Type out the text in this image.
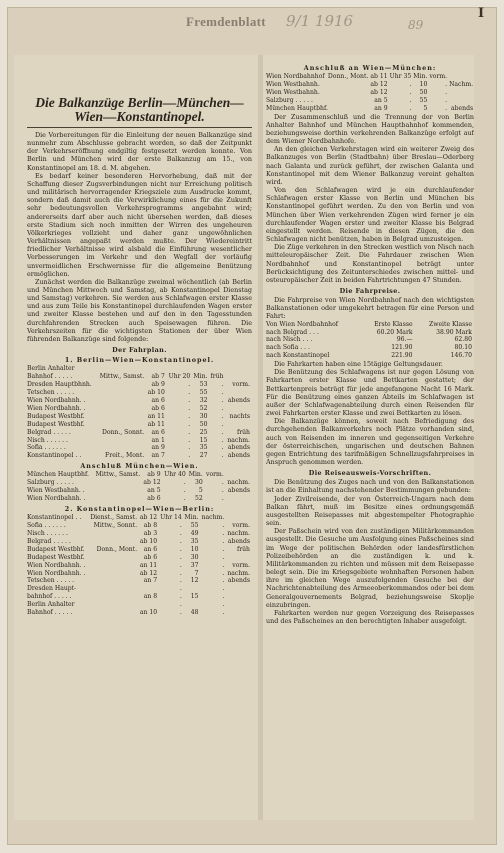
Fremdenblatt 9/1 1916	89
I
Die Balkanzüge Berlin—München—Wien—Konstantinopel.

Die Vorbereitungen für die Einleitung der neuen Balkanzüge sind nunmehr zum Abschlusse gebracht worden, so daß der Zeitpunkt der Verkehrseröffnung endgiltig festgesetzt werden konnte. Von Berlin und München wird der erste Balkanzug am 15., von Konstantinopel am 18. d. M. abgehen.

Es bedarf keiner besonderen Hervorhebung, daß mit der Schaffung dieser Zugsverbindungen nicht nur Erreichung politisch und militärisch hervorragender Kriegsziele zum Ausdrucke kommt, sondern daß damit auch die Verwirklichung eines für die Zukunft sehr bedeutungsvollen Verkehrsprogramms angebahnt wird; andererseits darf aber auch nicht übersehen werden, daß dieses erste Stadium sich noch inmitten der Wirren des ungeheuren Völkerkrieges vollzieht und daher ganz ungewöhnlichen Verhältnissen angepaßt werden mußte. Der Wiedereintritt friedlicher Verhältnisse wird alsbald die Einführung wesentlicher Verbesserungen im Verkehr und den Wegfall der vorläufig unvermeidlichen Erschwernisse für die allgemeine Benützung ermöglichen.

Zunächst werden die Balkanzüge zweimal wöchentlich (ab Berlin und München Mittwoch und Samstag, ab Konstantinopel Dienstag und Samstag) verkehren. Sie werden aus Schlafwagen erster Klasse und aus zum Teile bis Konstantinopel durchlaufenden Wagen erster und zweiter Klasse bestehen und auf den in den Tagesstunden durchfahrenden Strecken auch Speisewagen führen. Die Verkehrszeiten für die wichtigsten Stationen der über Wien führenden Balkanzüge sind folgende:

Der Fahrplan.
1. Berlin—Wien—Konstantinopel.
Berlin Anhalter						
Bahnhof . . . . .	Mittw., Samst.	ab 7	Uhr 20	Min.	früh	
Dresden Hauptbhnh.		ab 9	.	53	.	vorm.
Tetschen . . . . .		ab 10	.	55	.	
Wien Nordbahnh. .		an 6	.	32	.	abends
Wien Nordbahnh. .		ab 6	.	52	.	
Budapest Westbhf.		an 11	.	30	.	nachts
Budapest Westbhf.		ab 11	.	50	.	
Belgrad . . . . .	Donn., Sonnt.	an 6	.	25	.	früh
Nisch . . . . . .		an 1	.	15	.	nachm.
Sofia . . . . . .		an 9	.	35	.	abends
Konstantinopel . .	Freit., Mont.	an 7	.	27	.	abends
Anschluß München—Wien.
München Hauptbhf.	Mittw., Samst.	ab 9	Uhr 40	Min.	vorm.	
Salzburg . . . . .		ab 12	.	30	.	nachm.
Wien Westbahnh. .		an 5	.	5	.	abends
Wien Nordbahnh. .		ab 6	.	52	.	
2. Konstantinopel—Wien—Berlin:
Konstantinopel . .	Dienst., Samst.	ab 12	Uhr 14	Min.	nachm.	
Sofia . . . . . .	Mittw., Sonnt.	ab 8	.	55	.	vorm.
Nisch . . . . . .		ab 3	.	49	.	nachm.
Belgrad . . . . .		ab 10	.	35	.	abends
Budapest Westbhf.	Donn., Mont.	an 6	.	10	.	früh
Budapest Westbhf.		ab 6	.	30	.	
Wien Nordbahnh. .		an 11	.	37	.	vorm.
Wien Nordbahnh. .		ab 12	.	7	.	nachm.
Tetschen . . . . .		an 7	.	12	.	abends
Dresden Haupt-			.		.	
bahnhof . . . . .		an 8	.	15	.	
Berlin Anhalter			.		.	
Bahnhof . . . . .		an 10	.	48	.	
Anschluß an Wien—München:
Wien Nordbahnhof	Donn., Mont.	ab 11	Uhr 35	Min.	vorm.	
Wien Westbahnh.		ab 12	.	10	.	Nachm.
Wien Westbahnh.		ab 12	.	50	.	
Salzburg . . . . .		an 5	.	55	.	
München Hauptbhf.		an 9	.	5	.	abends

Der Zusammenschluß und die Trennung der von Berlin Anhalter Bahnhof und München Hauptbahnhof kommenden, beziehungsweise dorthin verkehrenden Balkanzüge erfolgt auf dem Wiener Nordbahnhofe.

An den gleichen Verkehrstagen wird ein weiterer Zweig des Balkanzuges von Berlin (Stadtbahn) über Breslau—Oderberg nach Galanta und zurück geführt, der zwischen Galanta und Konstantinopel mit dem Wiener Balkanzug vereint gehalten wird.

Von den Schlafwagen wird je ein durchlaufender Schlafwagen erster Klasse von Berlin und München bis Konstantinopel geführt werden. Zu den von Berlin und von München über Wien verkehrenden Zügen wird ferner je ein durchlaufender Wagen erster und zweiter Klasse bis Belgrad eingestellt werden. Reisende in diesen Zügen, die den Schlafwagen nicht benützen, haben in Belgrad umzusteigen.

Die Züge verkehren in den Strecken westlich von Nisch nach mitteleuropäischer Zeit. Die Fahrdauer zwischen Wien Nordbahnhof und Konstantinopel beträgt unter Berücksichtigung des Zeitunterschiedes zwischen mittel- und osteuropäischer Zeit in beiden Fahrtrichtungen 47 Stunden.

Die Fahrpreise.

Die Fahrpreise von Wien Nordbahnhof nach den wichtigsten Balkanstationen oder umgekehrt betragen für eine Person und Fahrt:

Von Wien Nordbahnhof	Erste Klasse	Zweite Klasse
nach Belgrad . . .	60.20 Mark	38.90 Mark
nach Nisch . . .	96.—	62.80
nach Sofia . . .	121.90	80.10
nach Konstantinopel	221.90	146.70

Die Fahrkarten haben eine 15tägige Geltungsdauer.

Die Benützung des Schlafwagens ist nur gegen Lösung von Fahrkarten erster Klasse und Bettkarten gestattet; der Bettkartenpreis beträgt für jede angefangene Nacht 16 Mark. Für die Benützung eines ganzen Abteils im Schlafwagen ist außer der Schlafwagenabteilung durch einen Reisenden für zwei Fahrkarten erster Klasse und zwei Bettkarten zu lösen.

Die Balkanzüge können, soweit nach Befriedigung des durchgehenden Balkanverkehrs noch Plätze vorhanden sind, auch von Reisenden im inneren und gegenseitigen Verkehre der österreichischen, ungarischen und deutschen Bahnen gegen Entrichtung des tarifmäßigen Schnellzugsfahrpreises in Anspruch genommen werden.

Die Reiseausweis-Vorschriften.

Die Benützung des Zuges nach und von den Balkanstationen ist an die Einhaltung nachstehender Bestimmungen gebunden:

Jeder Zivilreisende, der von Österreich-Ungarn nach dem Balkan fährt, muß im Besitze eines ordnungsgemäß ausgestellten Reisepasses mit abgestempelter Photographie sein.

Der Paßschein wird von den zuständigen Militärkommanden ausgestellt. Die Gesuche um Ausfolgung eines Paßscheines sind im Wege der politischen Behörden oder landesfürstlichen Polizeibehörden an die zuständigen k. und k. Militärkommanden zu richten und müssen mit dem Reisepasse belegt sein. Die im Kriegsgebiete wohnhaften Personen haben ihre im gleichen Wege auszufolgenden Gesuche bei der Nachrichtenabteilung des Armeeoberkommandos oder bei dem Generalgouvernements Belgrad, beziehungsweise Skoplje einzubringen.

Fahrkarten werden nur gegen Vorzeigung des Reisepasses und des Paßscheines an den berechtigten Inhaber ausgefolgt.
